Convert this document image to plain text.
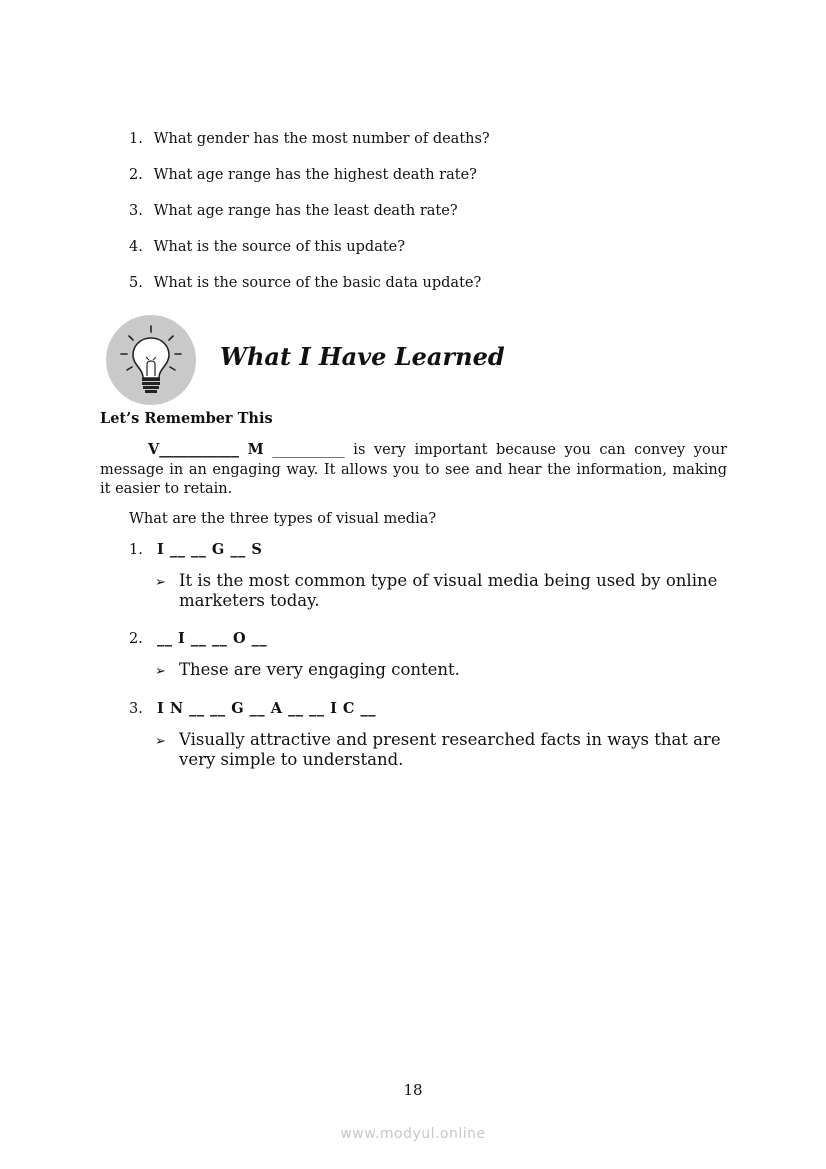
1. What gender has the most number of deaths?
2. What age range has the highest death rate?
3. What age range has the least death rate?
4. What is the source of this update?
5. What is the source of the basic data update?
What I Have Learned
Let’s Remember This
V___________ M __________ is very important because you can convey your message in an engaging way. It allows you to see and hear the information, making it easier to retain.
What are the three types of visual media?
1. I __ __ G __ S
➢ It is the most common type of visual media being used by online marketers today.
2. __ I __ __ O __
➢ These are very engaging content.
3. I N __ __ G __ A __ __ I C __
➢ Visually attractive and present researched facts in ways that are very simple to understand.
18
www.modyul.online
